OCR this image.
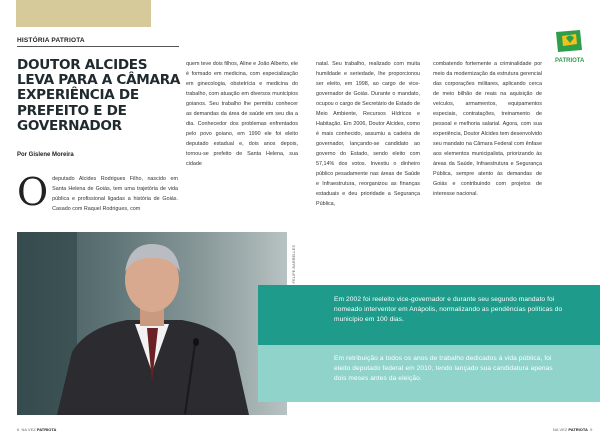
HISTÓRIA PATRIOTA
DOUTOR ALCIDES LEVA PARA A CÂMARA EXPERIÊNCIA DE PREFEITO E DE GOVERNADOR
Por Gislene Moreira

Odeputado Alcides Rodrigues Filho, nascido em Santa Helena de Goiás, tem uma trajetória de vida pública e profissional ligadas a história de Goiás. Casado com Raquel Rodrigues, com

quem teve dois filhos, Aline e João Alberto, ele é formado em medicina, com especialização em ginecologia, obstetrícia e medicina do trabalho, com atuação em diversos municípios goianos. Seu trabalho lhe permitiu conhecer as demandas da área de saúde em seu dia a dia. Conhecedor dos problemas enfrentados pelo povo goiano, em 1990 ele foi eleito deputado estadual e, dois anos depois, tornou-se prefeito de Santa Helena, sua cidade

natal. Seu trabalho, realizado com muita humildade e seriedade, lhe proporcionou ser eleito, em 1998, ao cargo de vice-governador de Goiás. Durante o mandato, ocupou o cargo de Secretário de Estado de Meio Ambiente, Recursos Hídricos e Habitação. Em 2006, Doutor Alcides, como é mais conhecido, assumiu a cadeira de governador, lançando-se candidato ao governo do Estado, sendo eleito com 57,14% dos votos. Investiu o dinheiro público pesadamente nas áreas de Saúde e Infraestrutura, reorganizou as finanças estaduais e deu prioridade a Segurança Pública,

combatendo fortemente a criminalidade por meio da modernização da estrutura gerencial das corporações militares, aplicando cerca de meio bilhão de reais na aquisição de veículos, armamentos, equipamentos especiais, contratações, treinamento de pessoal e melhoria salarial. Agora, com sua experiência, Doutor Alcides tem desenvolvido seu mandato na Câmara Federal com ênfase aos elementos municipalista, priorizando às áreas da Saúde, Infraestrutura e Segurança Pública, sempre atento às demandas de Goiás e contribuindo com projetos de interesse nacional.

FELIPE BARRELLES

Em 2002 foi reeleito vice-governador e durante seu segundo mandato foi nomeado interventor em Anápolis, normalizando as pendências políticas do município em 100 dias.

Em retribuição a todos os anos de trabalho dedicados à vida pública, foi eleito deputado federal em 2010, tendo lançado sua candidatura apenas dois meses antes da eleição.

PATRIOTA
6 NA VEZ PATRIOTA	NA VEZ PATRIOTA 9
